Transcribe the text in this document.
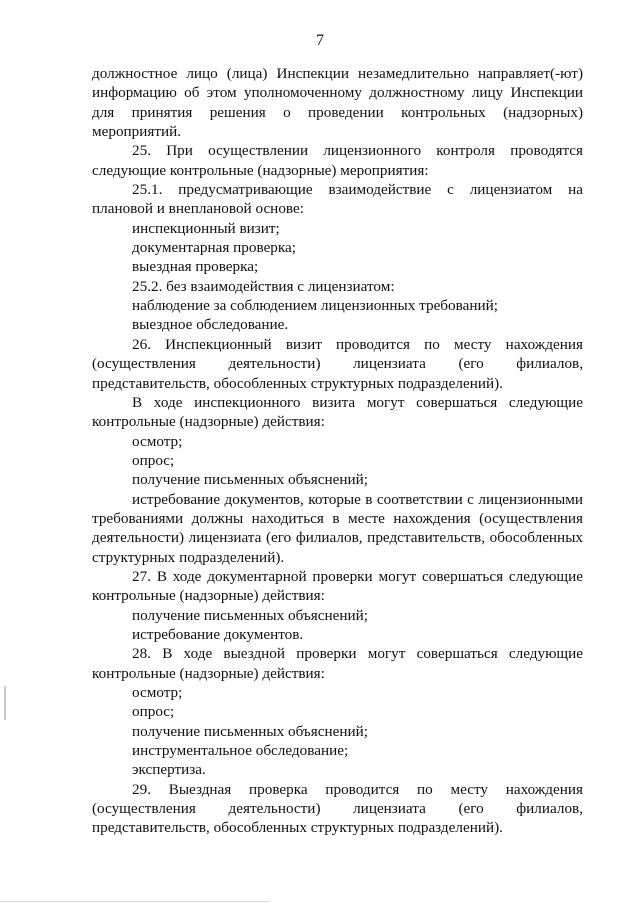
7

должностное лицо (лица) Инспекции незамедлительно направляет(-ют) информацию об этом уполномоченному должностному лицу Инспекции для принятия решения о проведении контрольных (надзорных) мероприятий.

25. При осуществлении лицензионного контроля проводятся следующие контрольные (надзорные) мероприятия:

25.1. предусматривающие взаимодействие с лицензиатом на плановой и внеплановой основе:

инспекционный визит;

документарная проверка;

выездная проверка;

25.2. без взаимодействия с лицензиатом:

наблюдение за соблюдением лицензионных требований;

выездное обследование.

26. Инспекционный визит проводится по месту нахождения (осуществления деятельности) лицензиата (его филиалов, представительств, обособленных структурных подразделений).

В ходе инспекционного визита могут совершаться следующие контрольные (надзорные) действия:

осмотр;

опрос;

получение письменных объяснений;

истребование документов, которые в соответствии с лицензионными требованиями должны находиться в месте нахождения (осуществления деятельности) лицензиата (его филиалов, представительств, обособленных структурных подразделений).

27. В ходе документарной проверки могут совершаться следующие контрольные (надзорные) действия:

получение письменных объяснений;

истребование документов.

28. В ходе выездной проверки могут совершаться следующие контрольные (надзорные) действия:

осмотр;

опрос;

получение письменных объяснений;

инструментальное обследование;

экспертиза.

29. Выездная проверка проводится по месту нахождения (осуществления деятельности) лицензиата (его филиалов, представительств, обособленных структурных подразделений).
